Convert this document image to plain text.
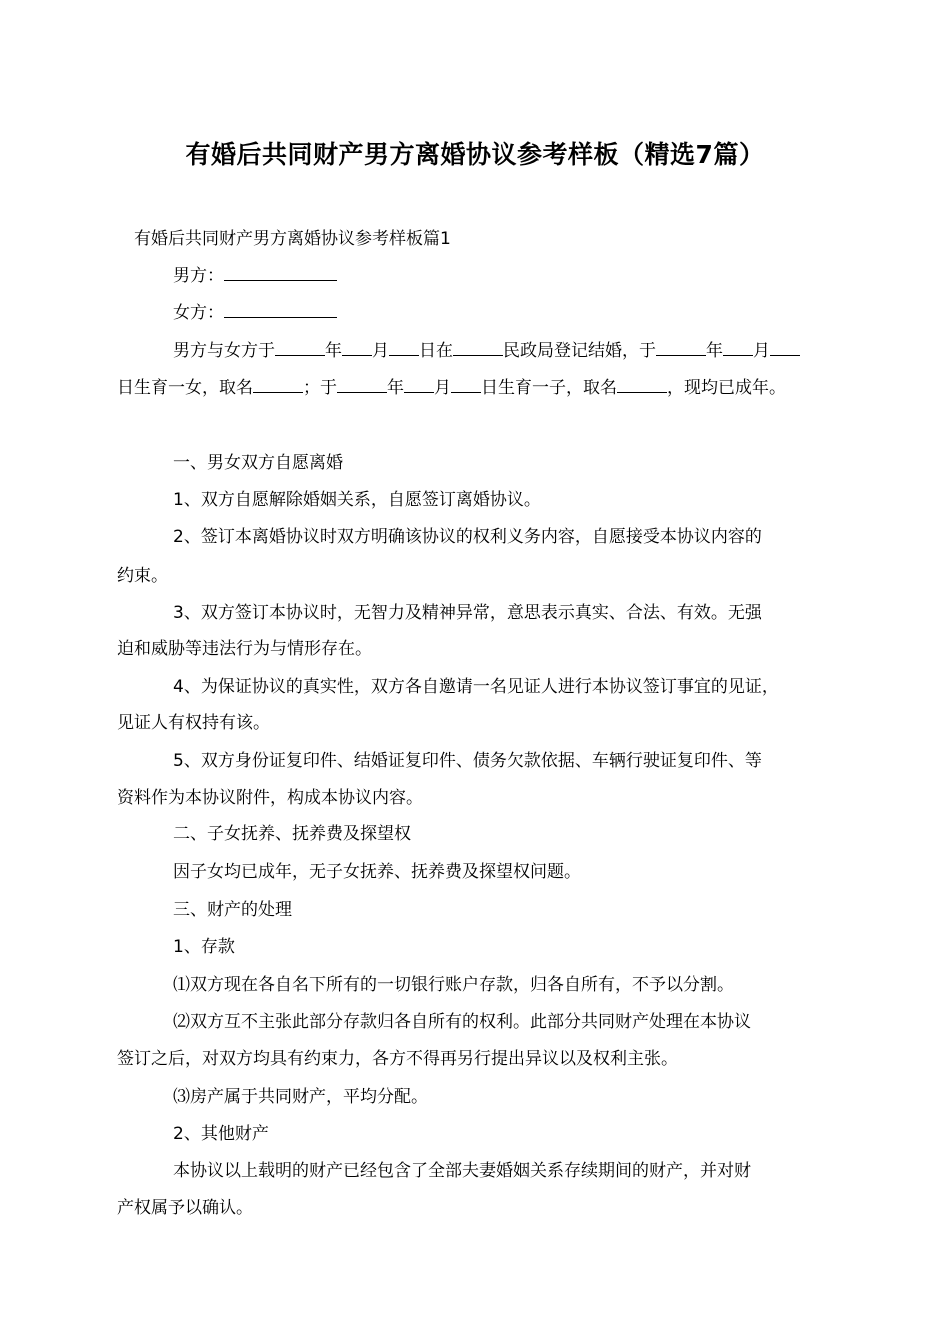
有婚后共同财产男方离婚协议参考样板（精选7篇）
有婚后共同财产男方离婚协议参考样板篇1
男方：
女方：
男方与女方于	年 月 日在	民政局登记结婚，于	年 月
日生育一女，取名	；于	年 月 日生育一子，取名	，现均已成年。
一、男女双方自愿离婚
1、双方自愿解除婚姻关系，自愿签订离婚协议。
2、签订本离婚协议时双方明确该协议的权利义务内容，自愿接受本协议内容的
约束。
3、双方签订本协议时，无智力及精神异常，意思表示真实、合法、有效。无强
迫和威胁等违法行为与情形存在。
4、为保证协议的真实性，双方各自邀请一名见证人进行本协议签订事宜的见证，
见证人有权持有该。
5、双方身份证复印件、结婚证复印件、债务欠款依据、车辆行驶证复印件、等
资料作为本协议附件，构成本协议内容。
二、子女抚养、抚养费及探望权
因子女均已成年，无子女抚养、抚养费及探望权问题。
三、财产的处理
1、存款
⑴双方现在各自名下所有的一切银行账户存款，归各自所有，不予以分割。
⑵双方互不主张此部分存款归各自所有的权利。此部分共同财产处理在本协议
签订之后，对双方均具有约束力，各方不得再另行提出异议以及权利主张。
⑶房产属于共同财产，平均分配。
2、其他财产
本协议以上载明的财产已经包含了全部夫妻婚姻关系存续期间的财产，并对财
产权属予以确认。
